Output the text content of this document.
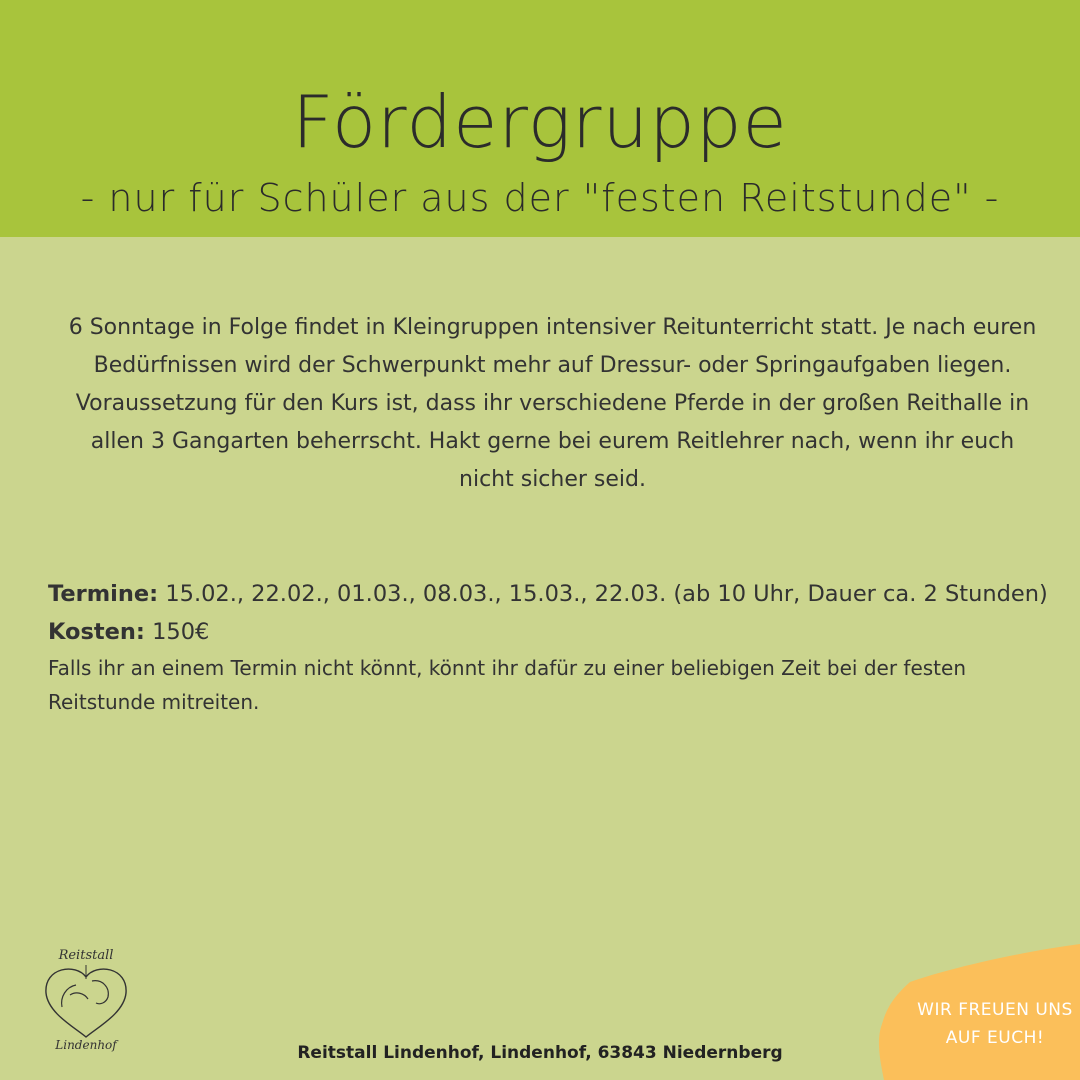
Fördergruppe
- nur für Schüler aus der "festen Reitstunde" -
6 Sonntage in Folge findet in Kleingruppen intensiver Reitunterricht statt. Je nach euren
Bedürfnissen wird der Schwerpunkt mehr auf Dressur- oder Springaufgaben liegen.
Voraussetzung für den Kurs ist, dass ihr verschiedene Pferde in der großen Reithalle in
allen 3 Gangarten beherrscht. Hakt gerne bei eurem Reitlehrer nach, wenn ihr euch
nicht sicher seid.
Termine: 15.02., 22.02., 01.03., 08.03., 15.03., 22.03. (ab 10 Uhr, Dauer ca. 2 Stunden)
Kosten: 150€
Falls ihr an einem Termin nicht könnt, könnt ihr dafür zu einer beliebigen Zeit bei der festen
Reitstunde mitreiten.
Reitstall
Lindenhof	Reitstall Lindenhof, Lindenhof, 63843 Niedernberg
WIR FREUEN UNS
AUF EUCH!
